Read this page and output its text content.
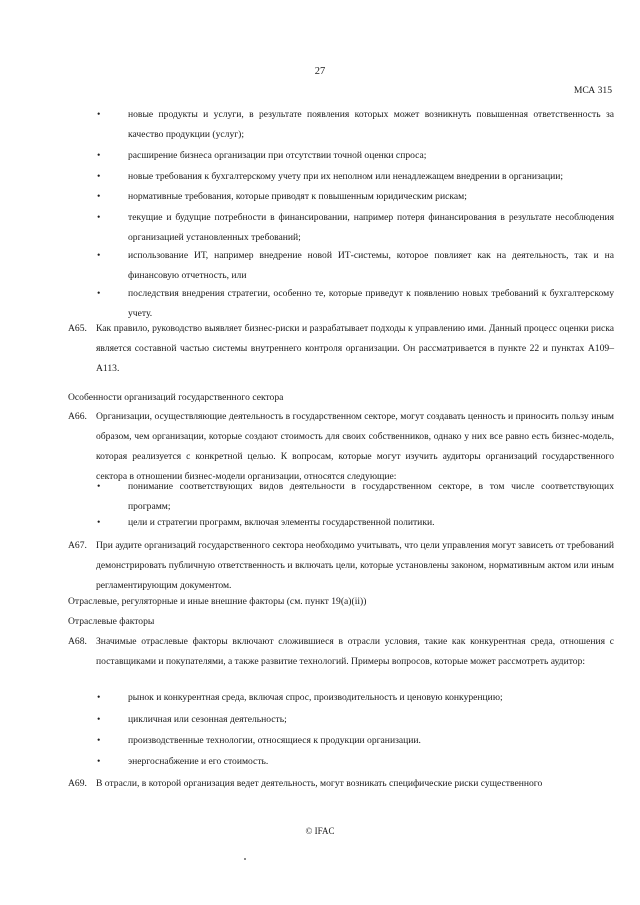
27
МСА 315
•	новые продукты и услуги, в результате появления которых может возникнуть повышенная ответственность за качество продукции (услуг);
•	расширение бизнеса организации при отсутствии точной оценки спроса;
•	новые требования к бухгалтерскому учету при их неполном или ненадлежащем внедрении в организации;
•	нормативные требования, которые приводят к повышенным юридическим рискам;
•	текущие и будущие потребности в финансировании, например потеря финансирования в результате несоблюдения организацией установленных требований;
•	использование ИТ, например внедрение новой ИТ-системы, которое повлияет как на деятельность, так и на финансовую отчетность, или
•	последствия внедрения стратегии, особенно те, которые приведут к появлению новых требований к бухгалтерскому учету.
A65. Как правило, руководство выявляет бизнес-риски и разрабатывает подходы к управлению ими. Данный процесс оценки риска является составной частью системы внутреннего контроля организации. Он рассматривается в пункте 22 и пунктах A109–A113.
Особенности организаций государственного сектора
A66. Организации, осуществляющие деятельность в государственном секторе, могут создавать ценность и приносить пользу иным образом, чем организации, которые создают стоимость для своих собственников, однако у них все равно есть бизнес-модель, которая реализуется с конкретной целью. К вопросам, которые могут изучить аудиторы организаций государственного сектора в отношении бизнес-модели организации, относятся следующие:
•	понимание соответствующих видов деятельности в государственном секторе, в том числе соответствующих программ;
•	цели и стратегии программ, включая элементы государственной политики.
A67. При аудите организаций государственного сектора необходимо учитывать, что цели управления могут зависеть от требований демонстрировать публичную ответственность и включать цели, которые установлены законом, нормативным актом или иным регламентирующим документом.
Отраслевые, регуляторные и иные внешние факторы (см. пункт 19(a)(ii))
Отраслевые факторы
A68. Значимые отраслевые факторы включают сложившиеся в отрасли условия, такие как конкурентная среда, отношения с поставщиками и покупателями, а также развитие технологий. Примеры вопросов, которые может рассмотреть аудитор:
•	рынок и конкурентная среда, включая спрос, производительность и ценовую конкуренцию;
•	цикличная или сезонная деятельность;
•	производственные технологии, относящиеся к продукции организации.
•	энергоснабжение и его стоимость.
A69. В отрасли, в которой организация ведет деятельность, могут возникать специфические риски существенного
© IFAC
